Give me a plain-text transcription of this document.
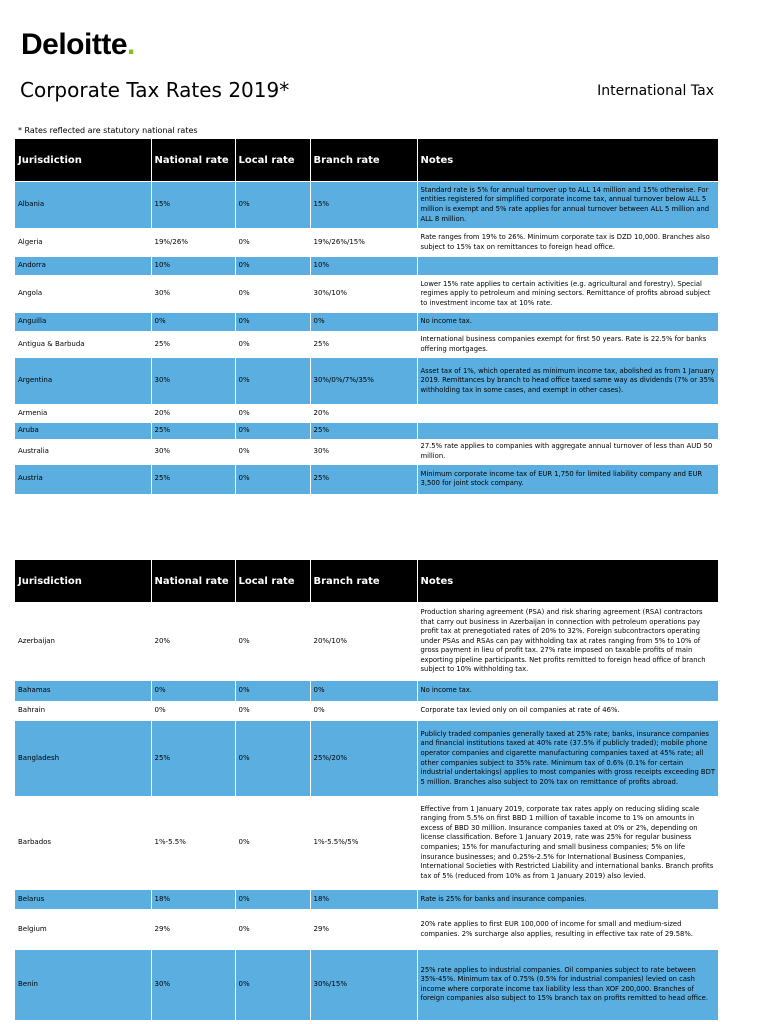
Deloitte.
Corporate Tax Rates 2019*	International Tax
* Rates reflected are statutory national rates
Jurisdiction	National rate	Local rate	Branch rate	Notes
Albania	15%	0%	15%	Standard rate is 5% for annual turnover up to ALL 14 million and 15% otherwise. For entities registered for simplified corporate income tax, annual turnover below ALL 5 million is exempt and 5% rate applies for annual turnover between ALL 5 million and ALL 8 million.
Algeria	19%/26%	0%	19%/26%/15%	Rate ranges from 19% to 26%. Minimum corporate tax is DZD 10,000. Branches also subject to 15% tax on remittances to foreign head office.
Andorra	10%	0%	10%	
Angola	30%	0%	30%/10%	Lower 15% rate applies to certain activities (e.g. agricultural and forestry). Special regimes apply to petroleum and mining sectors. Remittance of profits abroad subject to investment income tax at 10% rate.
Anguilla	0%	0%	0%	No income tax.
Antigua & Barbuda	25%	0%	25%	International business companies exempt for first 50 years. Rate is 22.5% for banks offering mortgages.
Argentina	30%	0%	30%/0%/7%/35%	Asset tax of 1%, which operated as minimum income tax, abolished as from 1 January 2019. Remittances by branch to head office taxed same way as dividends (7% or 35% withholding tax in some cases, and exempt in other cases).
Armenia	20%	0%	20%	
Aruba	25%	0%	25%	
Australia	30%	0%	30%	27.5% rate applies to companies with aggregate annual turnover of less than AUD 50 million.
Austria	25%	0%	25%	Minimum corporate income tax of EUR 1,750 for limited liability company and EUR 3,500 for joint stock company.
Jurisdiction	National rate	Local rate	Branch rate	Notes
Azerbaijan	20%	0%	20%/10%	Production sharing agreement (PSA) and risk sharing agreement (RSA) contractors that carry out business in Azerbaijan in connection with petroleum operations pay profit tax at prenegotiated rates of 20% to 32%. Foreign subcontractors operating under PSAs and RSAs can pay withholding tax at rates ranging from 5% to 10% of gross payment in lieu of profit tax. 27% rate imposed on taxable profits of main exporting pipeline participants. Net profits remitted to foreign head office of branch subject to 10% withholding tax.
Bahamas	0%	0%	0%	No income tax.
Bahrain	0%	0%	0%	Corporate tax levied only on oil companies at rate of 46%.
Bangladesh	25%	0%	25%/20%	Publicly traded companies generally taxed at 25% rate; banks, insurance companies and financial institutions taxed at 40% rate (37.5% if publicly traded); mobile phone operator companies and cigarette manufacturing companies taxed at 45% rate; all other companies subject to 35% rate. Minimum tax of 0.6% (0.1% for certain industrial undertakings) applies to most companies with gross receipts exceeding BDT 5 million. Branches also subject to 20% tax on remittance of profits abroad.
Barbados	1%-5.5%	0%	1%-5.5%/5%	Effective from 1 January 2019, corporate tax rates apply on reducing sliding scale ranging from 5.5% on first BBD 1 million of taxable income to 1% on amounts in excess of BBD 30 million. Insurance companies taxed at 0% or 2%, depending on license classification. Before 1 January 2019, rate was 25% for regular business companies; 15% for manufacturing and small business companies; 5% on life insurance businesses; and 0.25%-2.5% for International Business Companies, International Societies with Restricted Liability and international banks. Branch profits tax of 5% (reduced from 10% as from 1 January 2019) also levied.
Belarus	18%	0%	18%	Rate is 25% for banks and insurance companies.
Belgium	29%	0%	29%	20% rate applies to first EUR 100,000 of income for small and medium-sized companies. 2% surcharge also applies, resulting in effective tax rate of 29.58%.
Benin	30%	0%	30%/15%	25% rate applies to industrial companies. Oil companies subject to rate between 35%-45%. Minimum tax of 0.75% (0.5% for industrial companies) levied on cash income where corporate income tax liability less than XOF 200,000. Branches of foreign companies also subject to 15% branch tax on profits remitted to head office.
